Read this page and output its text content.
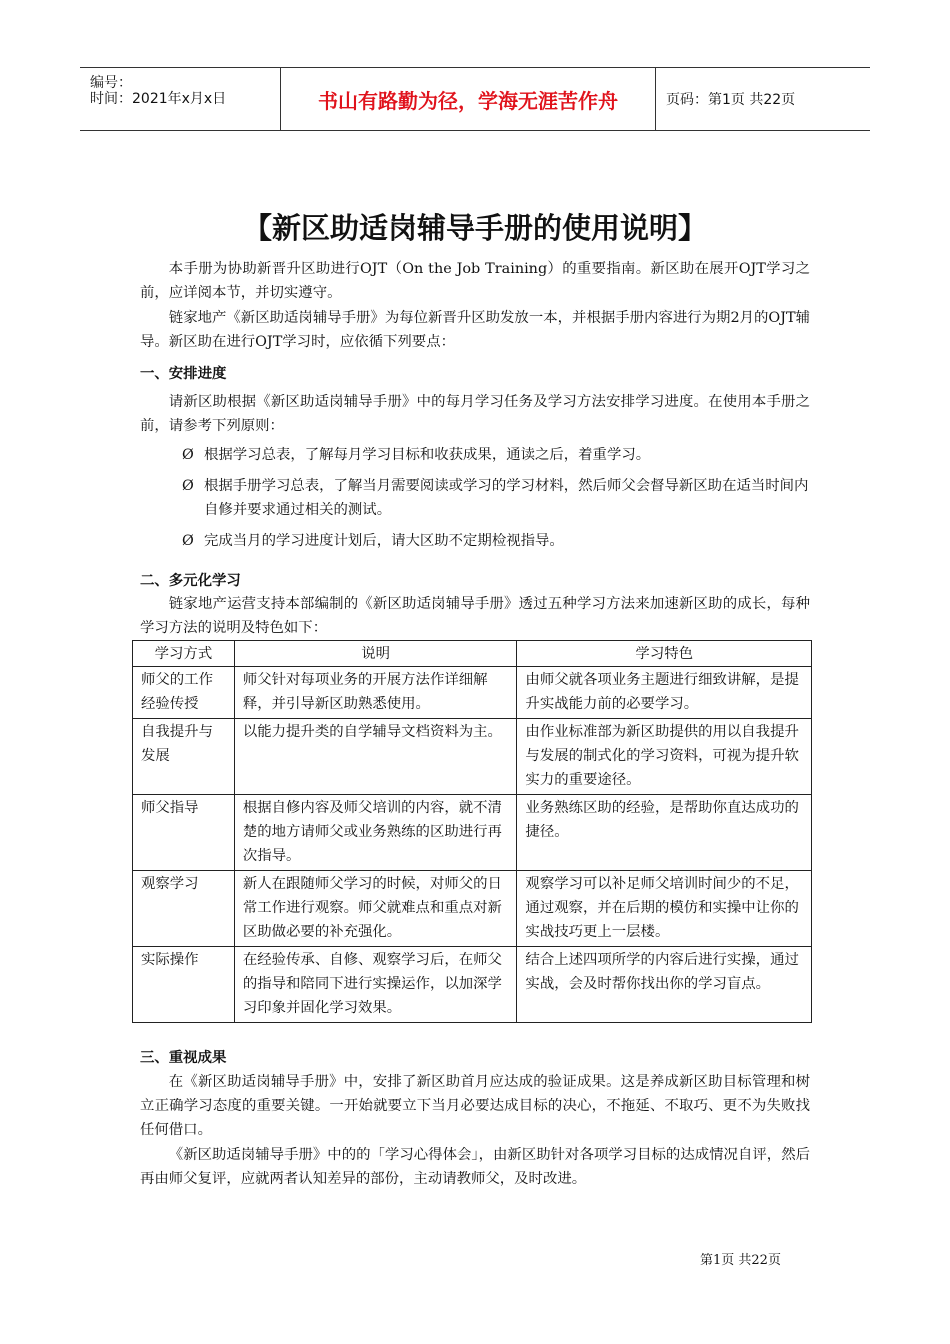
编号：
时间：2021年x月x日	书山有路勤为径，学海无涯苦作舟	页码：第1页 共22页
【新区助适岗辅导手册的使用说明】
本手册为协助新晋升区助进行OJT（On the Job Training）的重要指南。新区助在展开OJT学习之前，应详阅本节，并切实遵守。
链家地产《新区助适岗辅导手册》为每位新晋升区助发放一本，并根据手册内容进行为期2月的OJT辅导。新区助在进行OJT学习时，应依循下列要点：
一、安排进度
请新区助根据《新区助适岗辅导手册》中的每月学习任务及学习方法安排学习进度。在使用本手册之前，请参考下列原则：
Ø 根据学习总表，了解每月学习目标和收获成果，通读之后，着重学习。
Ø 根据手册学习总表，了解当月需要阅读或学习的学习材料，然后师父会督导新区助在适当时间内自修并要求通过相关的测试。
Ø 完成当月的学习进度计划后，请大区助不定期检视指导。
二、多元化学习
链家地产运营支持本部编制的《新区助适岗辅导手册》透过五种学习方法来加速新区助的成长，每种学习方法的说明及特色如下：
学习方式	说明	学习特色
师父的工作经验传授	师父针对每项业务的开展方法作详细解释，并引导新区助熟悉使用。	由师父就各项业务主题进行细致讲解，是提升实战能力前的必要学习。
自我提升与发展	以能力提升类的自学辅导文档资料为主。	由作业标准部为新区助提供的用以自我提升与发展的制式化的学习资料，可视为提升软实力的重要途径。
师父指导	根据自修内容及师父培训的内容，就不清楚的地方请师父或业务熟练的区助进行再次指导。	业务熟练区助的经验，是帮助你直达成功的捷径。
观察学习	新人在跟随师父学习的时候，对师父的日常工作进行观察。师父就难点和重点对新区助做必要的补充强化。	观察学习可以补足师父培训时间少的不足，通过观察，并在后期的模仿和实操中让你的实战技巧更上一层楼。
实际操作	在经验传承、自修、观察学习后，在师父的指导和陪同下进行实操运作，以加深学习印象并固化学习效果。	结合上述四项所学的内容后进行实操，通过实战，会及时帮你找出你的学习盲点。
三、重视成果
在《新区助适岗辅导手册》中，安排了新区助首月应达成的验证成果。这是养成新区助目标管理和树立正确学习态度的重要关键。一开始就要立下当月必要达成目标的决心，不拖延、不取巧、更不为失败找任何借口。
《新区助适岗辅导手册》中的的「学习心得体会」，由新区助针对各项学习目标的达成情况自评，然后再由师父复评，应就两者认知差异的部份，主动请教师父，及时改进。
第1页 共22页
